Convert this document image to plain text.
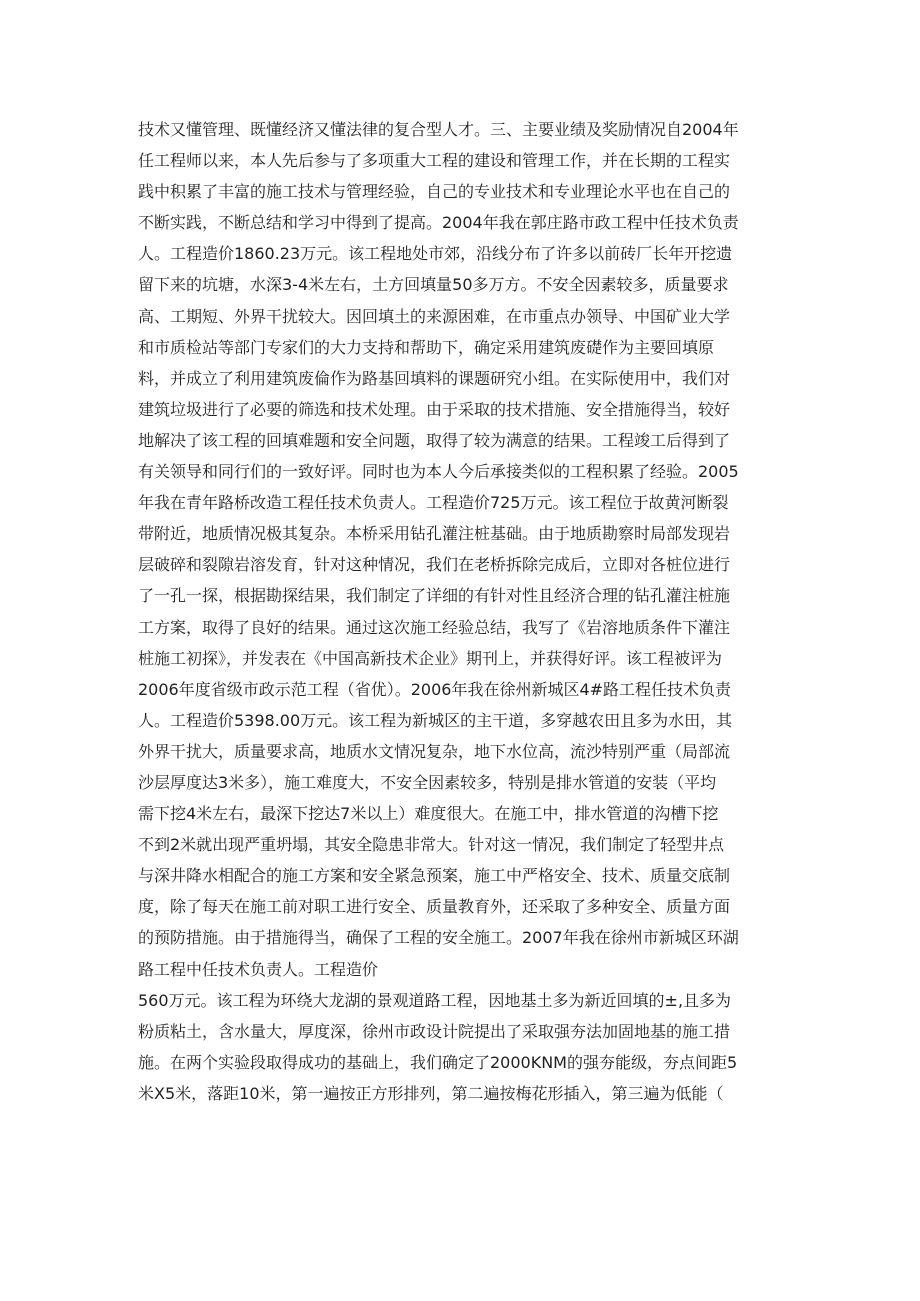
技术又懂管理、既懂经济又懂法律的复合型人才。三、主要业绩及奖励情况自2004年
任工程师以来，本人先后参与了多项重大工程的建设和管理工作，并在长期的工程实
践中积累了丰富的施工技术与管理经验，自己的专业技术和专业理论水平也在自己的
不断实践，不断总结和学习中得到了提高。2004年我在郭庄路市政工程中任技术负责
人。工程造价1860.23万元。该工程地处市郊，沿线分布了许多以前砖厂长年开挖遗
留下来的坑塘，水深3-4米左右，土方回填量50多万方。不安全因素较多，质量要求
高、工期短、外界干扰较大。因回填土的来源困难，在市重点办领导、中国矿业大学
和市质检站等部门专家们的大力支持和帮助下，确定采用建筑废礎作为主要回填原
料，并成立了利用建筑废倫作为路基回填料的课题研究小组。在实际使用中，我们对
建筑垃圾进行了必要的筛选和技术处理。由于采取的技术措施、安全措施得当，较好
地解决了该工程的回填难题和安全问题，取得了较为满意的结果。工程竣工后得到了
有关领导和同行们的一致好评。同时也为本人今后承接类似的工程积累了经验。2005
年我在青年路桥改造工程任技术负责人。工程造价725万元。该工程位于故黄河断裂
带附近，地质情况极其复杂。本桥采用钻孔灌注桩基础。由于地质勘察时局部发现岩
层破碎和裂隙岩溶发育，针对这种情况，我们在老桥拆除完成后，立即对各桩位进行
了一孔一探，根据勘探结果，我们制定了详细的有针对性且经济合理的钻孔灌注桩施
工方案，取得了良好的结果。通过这次施工经验总结，我写了《岩溶地质条件下灌注
桩施工初探》，并发表在《中国高新技术企业》期刊上，并获得好评。该工程被评为
2006年度省级市政示范工程（省优）。2006年我在徐州新城区4#路工程任技术负责
人。工程造价5398.00万元。该工程为新城区的主干道，多穿越农田且多为水田，其
外界干扰大，质量要求高，地质水文情况复杂，地下水位高，流沙特别严重（局部流
沙层厚度达3米多），施工难度大，不安全因素较多，特别是排水管道的安装（平均
需下挖4米左右，最深下挖达7米以上）难度很大。在施工中，排水管道的沟槽下挖
不到2米就出现严重坍塌，其安全隐患非常大。针对这一情况，我们制定了轻型井点
与深井降水相配合的施工方案和安全紧急预案，施工中严格安全、技术、质量交底制
度，除了每天在施工前对职工进行安全、质量教育外，还采取了多种安全、质量方面
的预防措施。由于措施得当，确保了工程的安全施工。2007年我在徐州市新城区环湖
路工程中任技术负责人。工程造价
560万元。该工程为环绕大龙湖的景观道路工程，因地基土多为新近回填的±,且多为
粉质粘土，含水量大，厚度深，徐州市政设计院提出了采取强夯法加固地基的施工措
施。在两个实验段取得成功的基础上，我们确定了2000KNM的强夯能级，夯点间距5
米X5米，落距10米，第一遍按正方形排列，第二遍按梅花形插入，第三遍为低能（
